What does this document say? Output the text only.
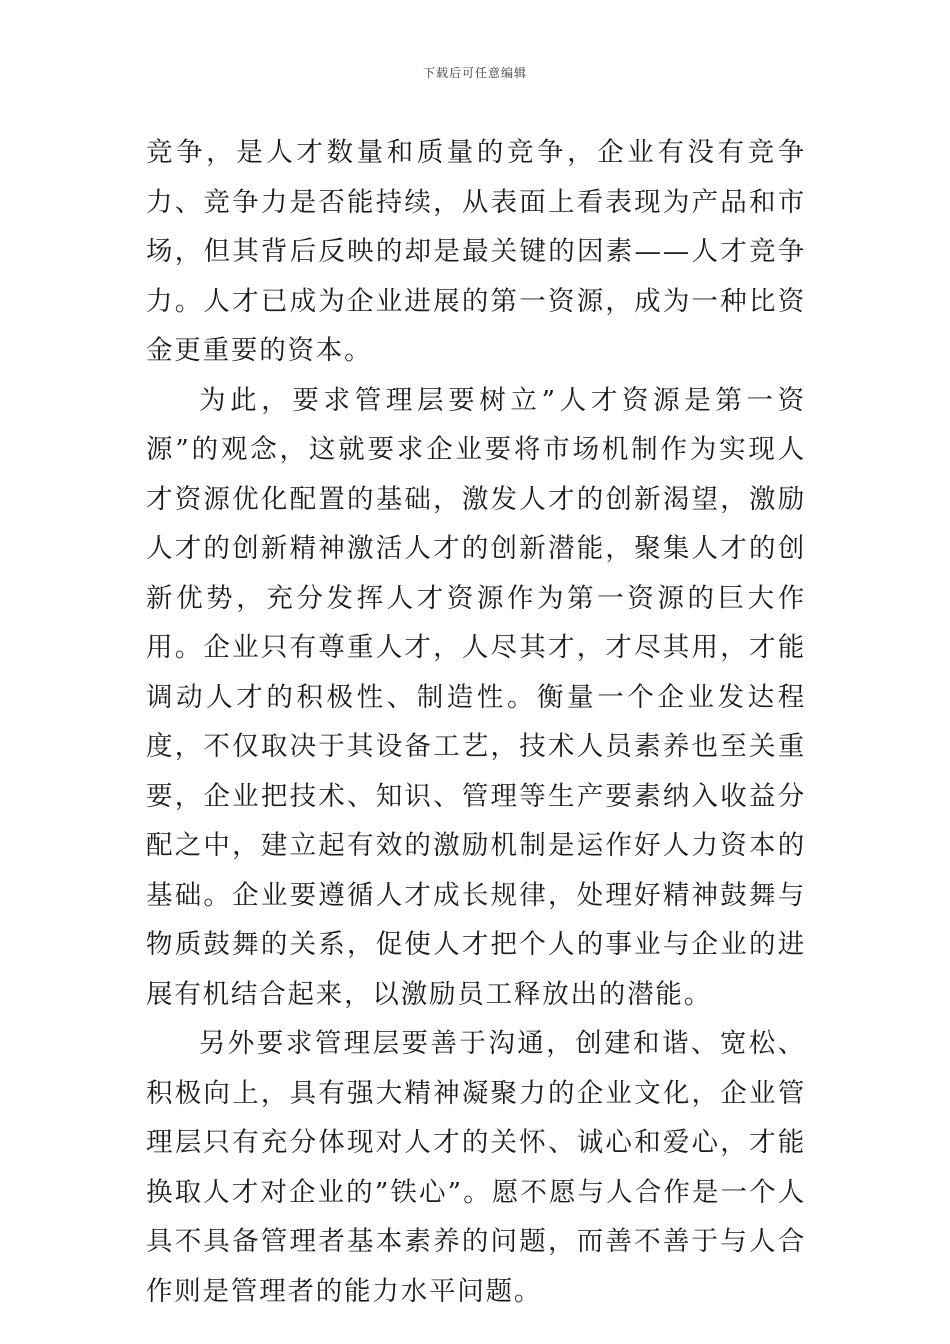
下载后可任意编辑

竞争，是人才数量和质量的竞争，企业有没有竞争力、竞争力是否能持续，从表面上看表现为产品和市场，但其背后反映的却是最关键的因素——人才竞争力。人才已成为企业进展的第一资源，成为一种比资金更重要的资本。

为此，要求管理层要树立”人才资源是第一资源”的观念，这就要求企业要将市场机制作为实现人才资源优化配置的基础，激发人才的创新渴望，激励人才的创新精神激活人才的创新潜能，聚集人才的创新优势，充分发挥人才资源作为第一资源的巨大作用。企业只有尊重人才，人尽其才，才尽其用，才能调动人才的积极性、制造性。衡量一个企业发达程度，不仅取决于其设备工艺，技术人员素养也至关重要，企业把技术、知识、管理等生产要素纳入收益分配之中，建立起有效的激励机制是运作好人力资本的基础。企业要遵循人才成长规律，处理好精神鼓舞与物质鼓舞的关系，促使人才把个人的事业与企业的进展有机结合起来，以激励员工释放出的潜能。

另外要求管理层要善于沟通，创建和谐、宽松、积极向上，具有强大精神凝聚力的企业文化，企业管理层只有充分体现对人才的关怀、诚心和爱心，才能换取人才对企业的”铁心”。愿不愿与人合作是一个人具不具备管理者基本素养的问题，而善不善于与人合作则是管理者的能力水平问题。
